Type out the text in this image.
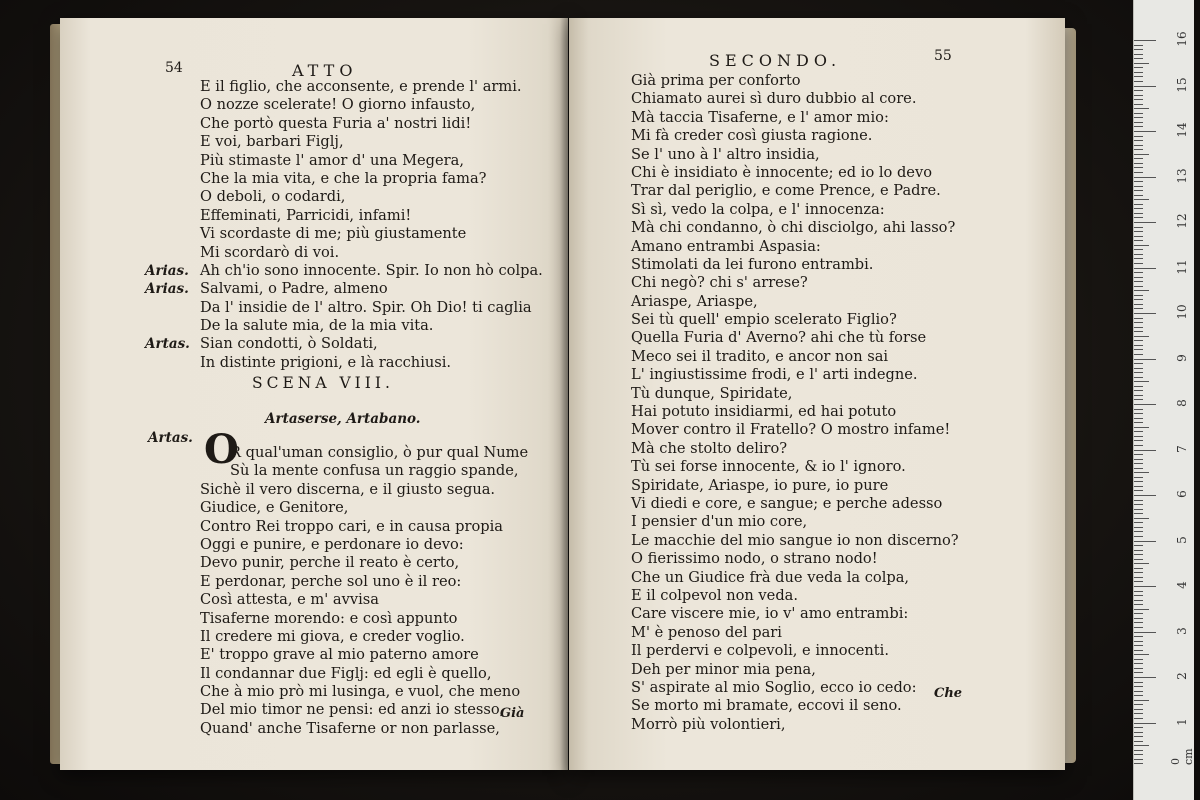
54	ATTO
E il figlio, che acconsente, e prende l' armi.
O nozze scelerate! O giorno infausto,
Che portò questa Furia a' nostri lidi!
E voi, barbari Figlj,
Più stimaste l' amor d' una Megera,
Che la mia vita, e che la propria fama?
O deboli, o codardi,
Effeminati, Parricidi, infami!
Vi scordaste di me; più giustamente
Mi scordarò di voi.
Arias. Ah ch'io sono innocente. Spir. Io non hò colpa.
Arias. Salvami, o Padre, almeno
Da l' insidie de l' altro. Spir. Oh Dio! ti caglia
De la salute mia, de la mia vita.
Artas. Sian condotti, ò Soldati,
In distinte prigioni, e là racchiusi.
SCENA VIII.
Artaserse, Artabano.
Artas. O
R qual'uman consiglio, ò pur qual Nume
Sù la mente confusa un raggio spande,
Sichè il vero discerna, e il giusto segua.
Giudice, e Genitore,
Contro Rei troppo cari, e in causa propia
Oggi e punire, e perdonare io devo:
Devo punir, perche il reato è certo,
E perdonar, perche sol uno è il reo:
Così attesta, e m' avvisa
Tisaferne morendo: e così appunto
Il credere mi giova, e creder voglio.
E' troppo grave al mio paterno amore
Il condannar due Figlj: ed egli è quello,
Che à mio prò mi lusinga, e vuol, che meno
Del mio timor ne pensi: ed anzi io stesso,
Quand' anche Tisaferne or non parlasse,
Già
SECONDO.	55
Già prima per conforto
Chiamato aurei sì duro dubbio al core.
Mà taccia Tisaferne, e l' amor mio:
Mi fà creder così giusta ragione.
Se l' uno à l' altro insidia,
Chi è insidiato è innocente; ed io lo devo
Trar dal periglio, e come Prence, e Padre.
Sì sì, vedo la colpa, e l' innocenza:
Mà chi condanno, ò chi disciolgo, ahi lasso?
Amano entrambi Aspasia:
Stimolati da lei furono entrambi.
Chi negò? chi s' arrese?
Ariaspe, Ariaspe,
Sei tù quell' empio scelerato Figlio?
Quella Furia d' Averno? ahi che tù forse
Meco sei il tradito, e ancor non sai
L' ingiustissime frodi, e l' arti indegne.
Tù dunque, Spiridate,
Hai potuto insidiarmi, ed hai potuto
Mover contro il Fratello? O mostro infame!
Mà che stolto deliro?
Tù sei forse innocente, & io l' ignoro.
Spiridate, Ariaspe, io pure, io pure
Vi diedi e core, e sangue; e perche adesso
I pensier d'un mio core,
Le macchie del mio sangue io non discerno?
O fierissimo nodo, o strano nodo!
Che un Giudice frà due veda la colpa,
E il colpevol non veda.
Care viscere mie, io v' amo entrambi:
M' è penoso del pari
Il perdervi e colpevoli, e innocenti.
Deh per minor mia pena,
S' aspirate al mio Soglio, ecco io cedo:
Se morto mi bramate, eccovi il seno.
Morrò più volontieri,
Che
0 cm
16
15
14
13
12
11
10
9
8
7
6
5
4
3
2
1
